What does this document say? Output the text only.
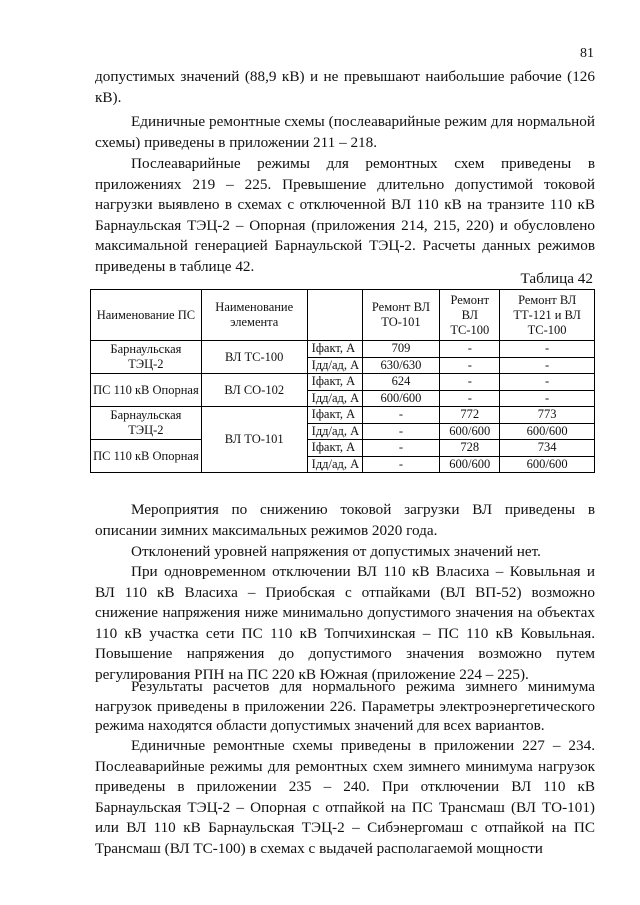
81
допустимых значений (88,9 кВ) и не превышают наибольшие рабочие (126 кВ).
Единичные ремонтные схемы (послеаварийные режим для нормальной схемы) приведены в приложении 211 – 218.
Послеаварийные режимы для ремонтных схем приведены в приложениях 219 – 225. Превышение длительно допустимой токовой нагрузки выявлено в схемах с отключенной ВЛ 110 кВ на транзите 110 кВ Барнаульская ТЭЦ-2 – Опорная (приложения 214, 215, 220) и обусловлено максимальной генерацией Барнаульской ТЭЦ-2. Расчеты данных режимов приведены в таблице 42.
Таблица 42
Наименование ПС	Наименование элемента		Ремонт ВЛ ТО-101	Ремонт ВЛ ТС-100	Ремонт ВЛ ТТ-121 и ВЛ ТС-100
Барнаульская ТЭЦ-2	ВЛ ТС-100	Iфакт, А	709	-	-
		Iдд/ад, А	630/630	-	-
ПС 110 кВ Опорная	ВЛ СО-102	Iфакт, А	624	-	-
		Iдд/ад, А	600/600	-	-
Барнаульская ТЭЦ-2	ВЛ ТО-101	Iфакт, А	-	772	773
		Iдд/ад, А	-	600/600	600/600
ПС 110 кВ Опорная		Iфакт, А	-	728	734
		Iдд/ад, А	-	600/600	600/600
Мероприятия по снижению токовой загрузки ВЛ приведены в описании зимних максимальных режимов 2020 года.
Отклонений уровней напряжения от допустимых значений нет.
При одновременном отключении ВЛ 110 кВ Власиха – Ковыльная и ВЛ 110 кВ Власиха – Приобская с отпайками (ВЛ ВП-52) возможно снижение напряжения ниже минимально допустимого значения на объектах 110 кВ участка сети ПС 110 кВ Топчихинская – ПС 110 кВ Ковыльная. Повышение напряжения до допустимого значения возможно путем регулирования РПН на ПС 220 кВ Южная (приложение 224 – 225).
Результаты расчетов для нормального режима зимнего минимума нагрузок приведены в приложении 226. Параметры электроэнергетического режима находятся области допустимых значений для всех вариантов.
Единичные ремонтные схемы приведены в приложении 227 – 234. Послеаварийные режимы для ремонтных схем зимнего минимума нагрузок приведены в приложении 235 – 240. При отключении ВЛ 110 кВ Барнаульская ТЭЦ-2 – Опорная с отпайкой на ПС Трансмаш (ВЛ ТО-101) или ВЛ 110 кВ Барнаульская ТЭЦ-2 – Сибэнергомаш с отпайкой на ПС Трансмаш (ВЛ ТС-100) в схемах с выдачей располагаемой мощности
